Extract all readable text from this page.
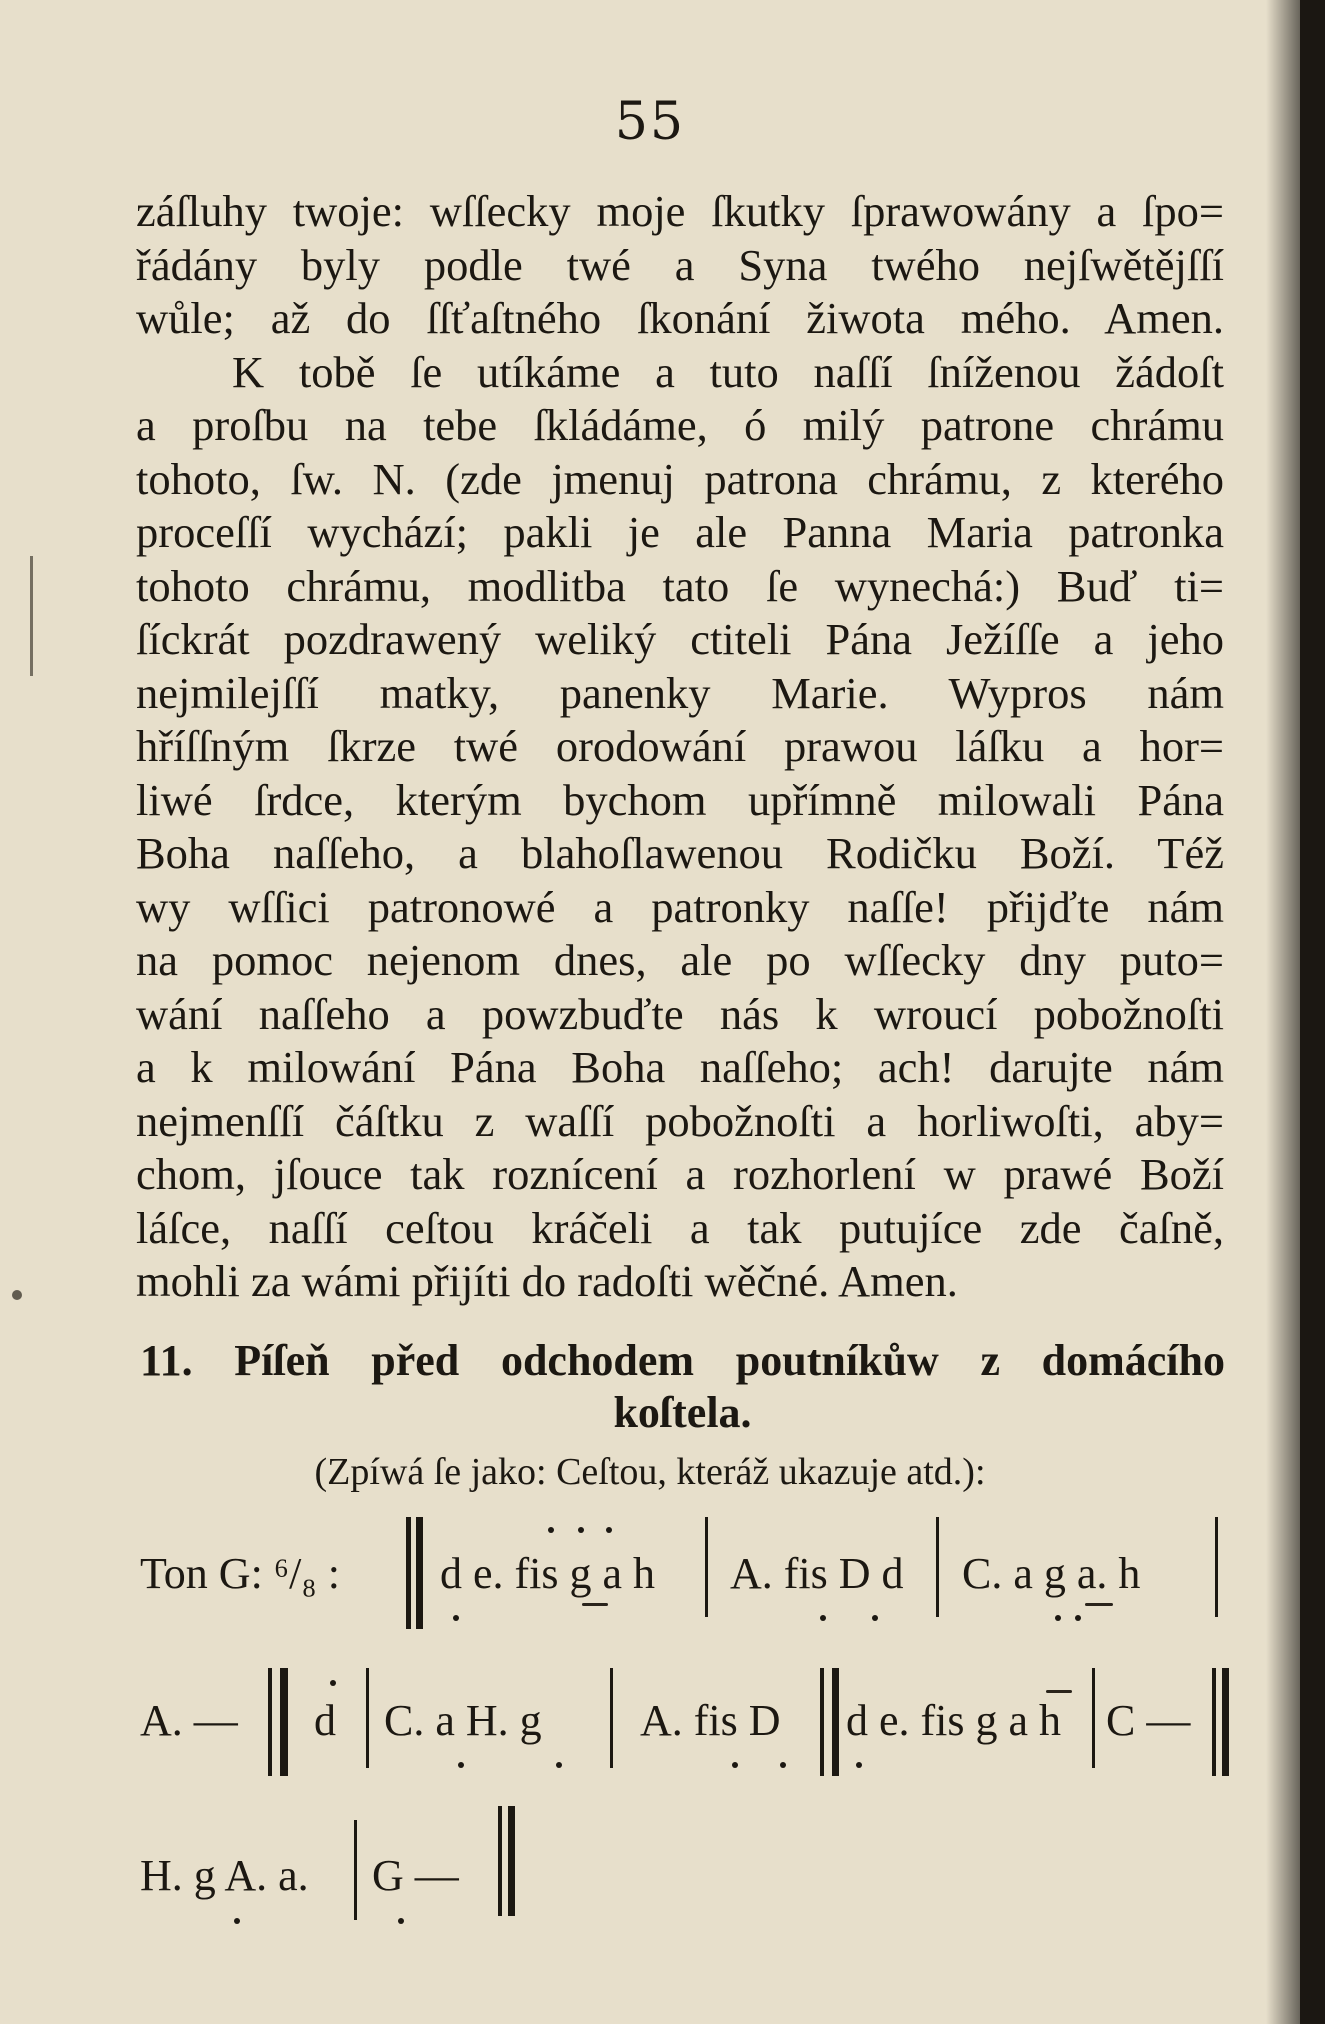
55
záſluhy twoje: wſſecky moje ſkutky ſprawowány a ſpo=
řádány byly podle twé a Syna twého nejſwětějſſí
wůle; až do ſſťaſtného ſkonání žiwota mého. Amen.
K tobě ſe utíkáme a tuto naſſí ſníženou žádoſt
a proſbu na tebe ſkládáme, ó milý patrone chrámu
tohoto, ſw. N. (zde jmenuj patrona chrámu, z kterého
proceſſí wychází; pakli je ale Panna Maria patronka
tohoto chrámu, modlitba tato ſe wynechá:) Buď ti=
ſíckrát pozdrawený weliký ctiteli Pána Ježíſſe a jeho
nejmilejſſí matky, panenky Marie. Wypros nám
hříſſným ſkrze twé orodowání prawou láſku a hor=
liwé ſrdce, kterým bychom upřímně milowali Pána
Boha naſſeho, a blahoſlawenou Rodičku Boží. Též
wy wſſici patronowé a patronky naſſe! přijďte nám
na pomoc nejenom dnes, ale po wſſecky dny puto=
wání naſſeho a powzbuďte nás k wroucí pobožnoſti
a k milowání Pána Boha naſſeho; ach! darujte nám
nejmenſſí čáſtku z waſſí pobožnoſti a horliwoſti, aby=
chom, jſouce tak roznícení a rozhorlení w prawé Boží
láſce, naſſí ceſtou kráčeli a tak putujíce zde čaſně,
mohli za wámi přijíti do radoſti wěčné. Amen.
11. Píſeň před odchodem poutníkůw z domácího
koſtela.
(Zpíwá ſe jako: Ceſtou, kteráž ukazuje atd.):
Ton G: ⁶/₈ : d e. fis g a h A. fis D d C. a g a. h
A. — d C. a H. g A. fis D d e. fis g a h C —
H. g A. a. G —
